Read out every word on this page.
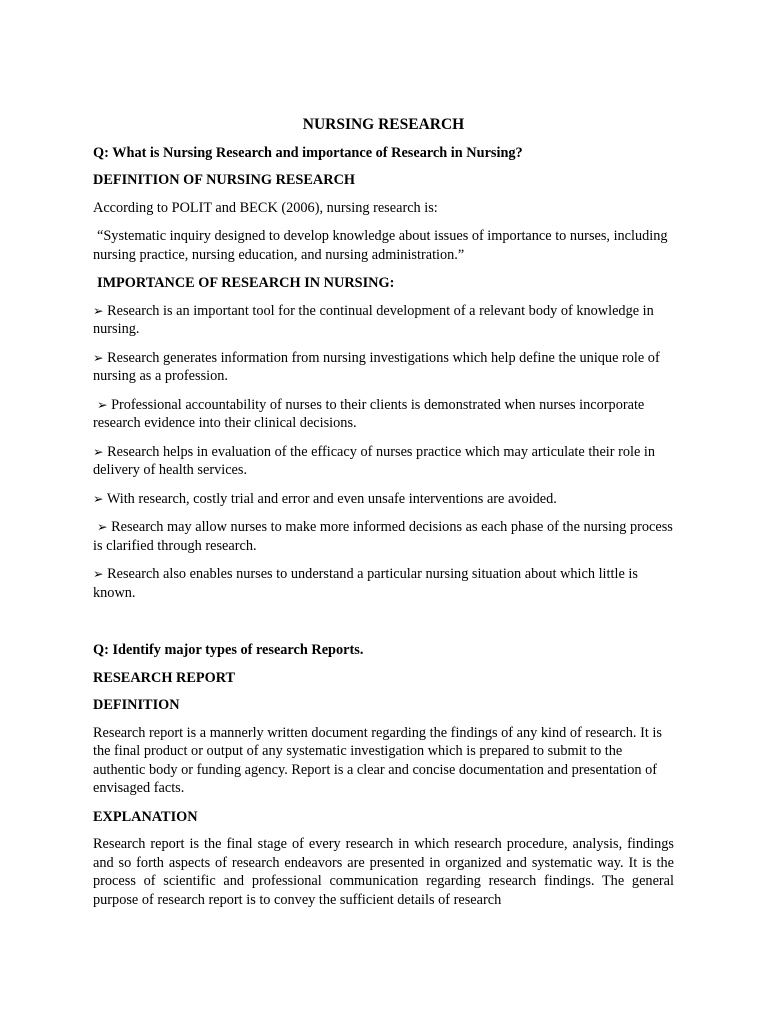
NURSING RESEARCH
Q: What is Nursing Research and importance of Research in Nursing?
DEFINITION OF NURSING RESEARCH

According to POLIT and BECK (2006), nursing research is:

“Systematic inquiry designed to develop knowledge about issues of importance to nurses, including nursing practice, nursing education, and nursing administration.”

IMPORTANCE OF RESEARCH IN NURSING:

➢ Research is an important tool for the continual development of a relevant body of knowledge in nursing.

➢ Research generates information from nursing investigations which help define the unique role of nursing as a profession.

➢ Professional accountability of nurses to their clients is demonstrated when nurses incorporate research evidence into their clinical decisions.

➢ Research helps in evaluation of the efficacy of nurses practice which may articulate their role in delivery of health services.

➢ With research, costly trial and error and even unsafe interventions are avoided.

➢ Research may allow nurses to make more informed decisions as each phase of the nursing process is clarified through research.

➢ Research also enables nurses to understand a particular nursing situation about which little is known.

Q: Identify major types of research Reports.
RESEARCH REPORT
DEFINITION

Research report is a mannerly written document regarding the findings of any kind of research. It is the final product or output of any systematic investigation which is prepared to submit to the authentic body or funding agency. Report is a clear and concise documentation and presentation of envisaged facts.

EXPLANATION

Research report is the final stage of every research in which research procedure, analysis, findings and so forth aspects of research endeavors are presented in organized and systematic way. It is the process of scientific and professional communication regarding research findings. The general purpose of research report is to convey the sufficient details of research
